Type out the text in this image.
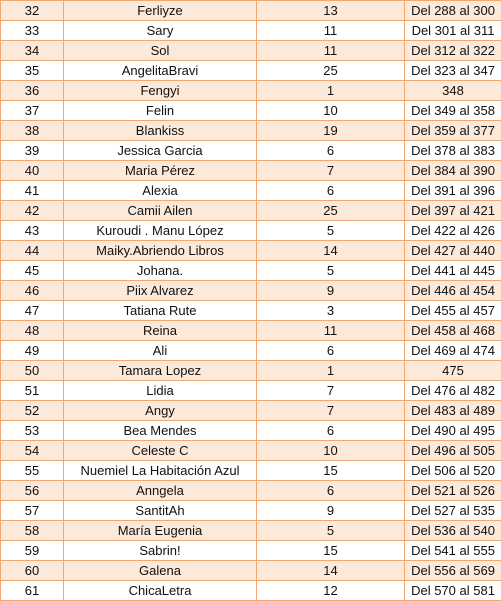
32	Ferliyze	13	Del 288 al 300
33	Sary	11	Del 301 al 311
34	Sol	11	Del 312 al 322
35	AngelitaBravi	25	Del 323 al 347
36	Fengyi	1	348
37	Felin	10	Del 349 al 358
38	Blankiss	19	Del 359 al 377
39	Jessica Garcia	6	Del 378 al 383
40	Maria Pérez	7	Del 384 al 390
41	Alexia	6	Del 391 al 396
42	Camii Ailen	25	Del 397 al 421
43	Kuroudi . Manu López	5	Del 422 al 426
44	Maiky.Abriendo Libros	14	Del 427 al 440
45	Johana.	5	Del 441 al 445
46	Piix Alvarez	9	Del 446 al 454
47	Tatiana Rute	3	Del 455 al 457
48	Reina	11	Del 458 al 468
49	Ali	6	Del 469 al 474
50	Tamara Lopez	1	475
51	Lidia	7	Del 476 al 482
52	Angy	7	Del 483 al 489
53	Bea Mendes	6	Del 490 al 495
54	Celeste C	10	Del 496 al 505
55	Nuemiel La Habitación Azul	15	Del 506 al 520
56	Anngela	6	Del 521 al 526
57	SantitAh	9	Del 527 al 535
58	María Eugenia	5	Del 536 al 540
59	Sabrin!	15	Del 541 al 555
60	Galena	14	Del 556 al 569
61	ChicaLetra	12	Del 570 al 581
